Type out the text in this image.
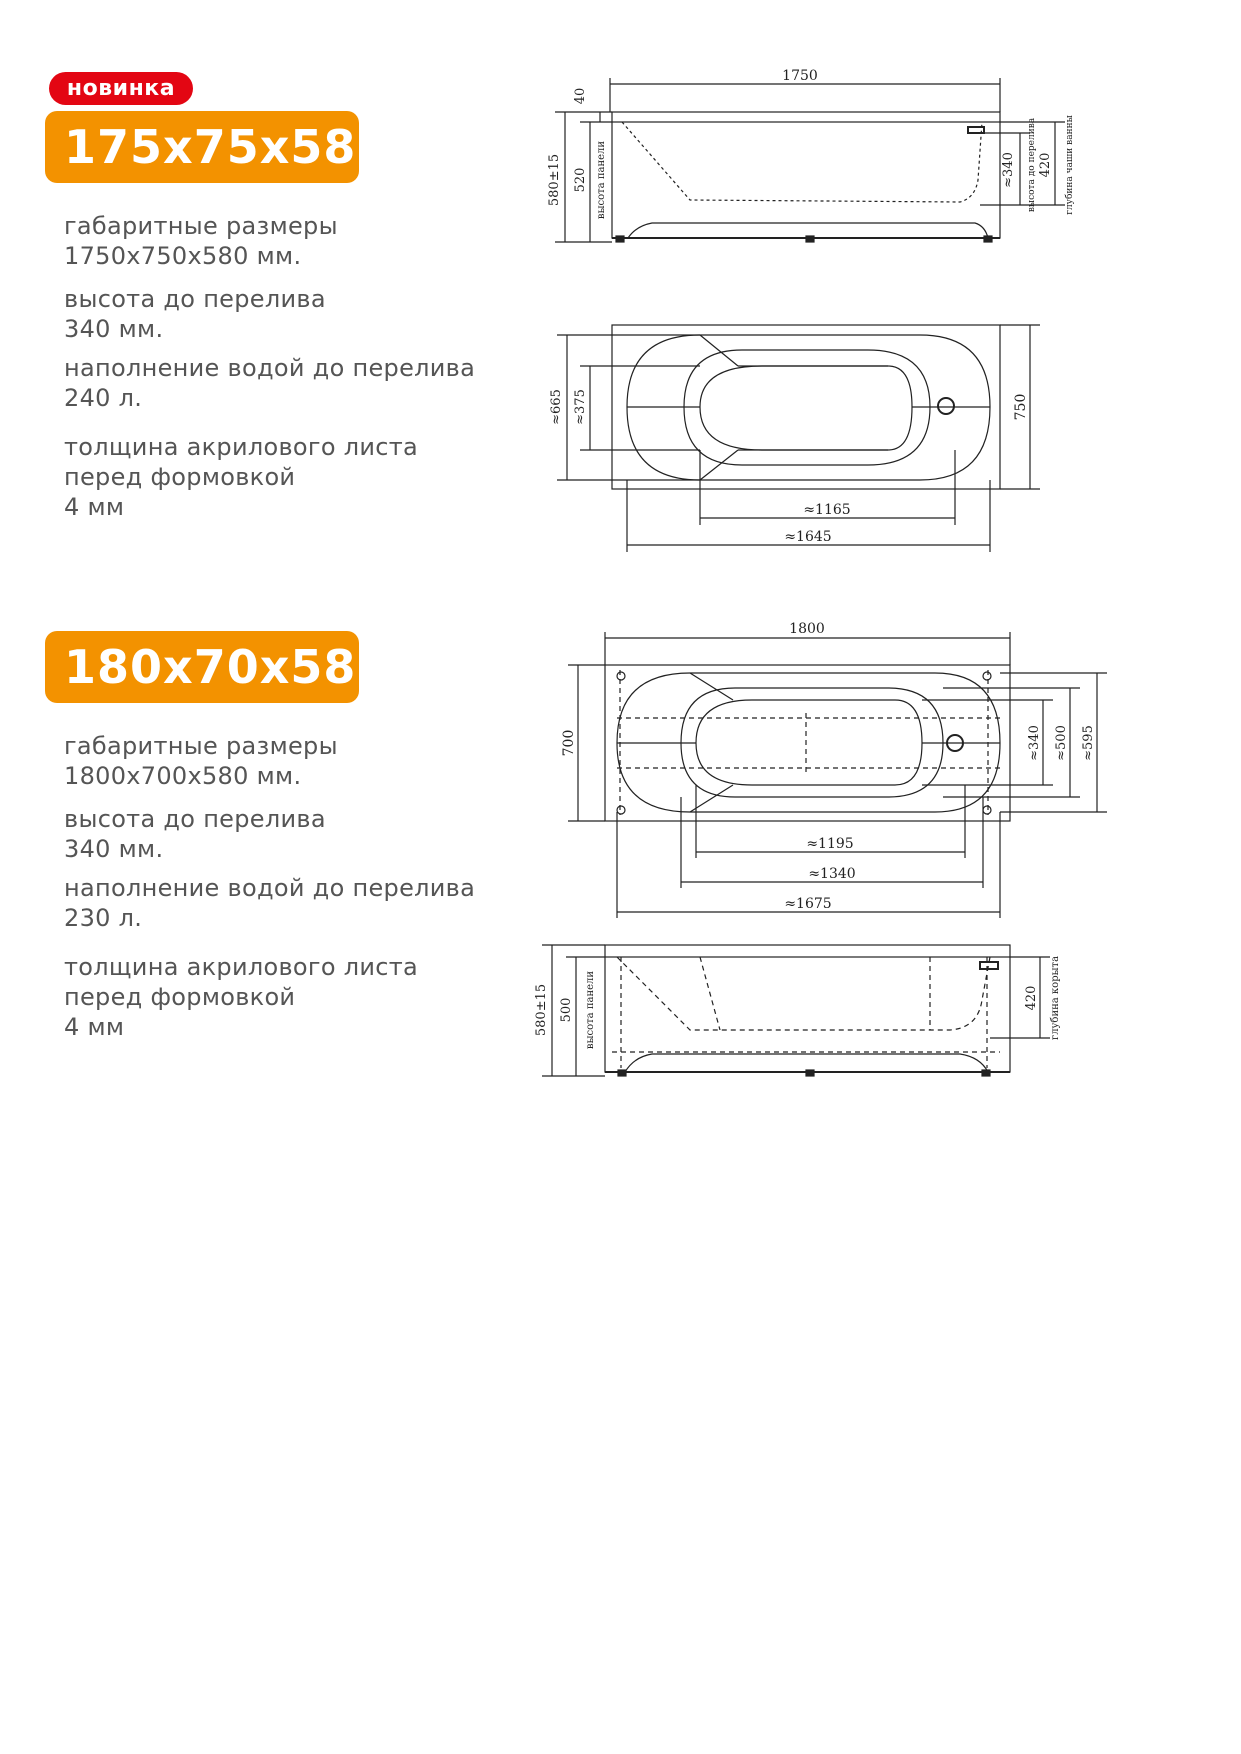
новинка
175x75x58
габаритные размеры
1750x750x580 мм.
высота до перелива
340 мм.
наполнение водой до перелива
240 л.
толщина акрилового листа
перед формовкой
4 мм
180x70x58
габаритные размеры
1800x700x580 мм.
высота до перелива
340 мм.
наполнение водой до перелива
230 л.
толщина акрилового листа
перед формовкой
4 мм
1750
40
580±15 520 высота панели	≈340 высота до перелива 420 глубина чаши ванны
750
≈665 ≈375
≈1165
≈1645
1800
700	≈340 ≈500 ≈595
≈1195
≈1340
≈1675
580±15 500 высота панели	420 глубина корыта
